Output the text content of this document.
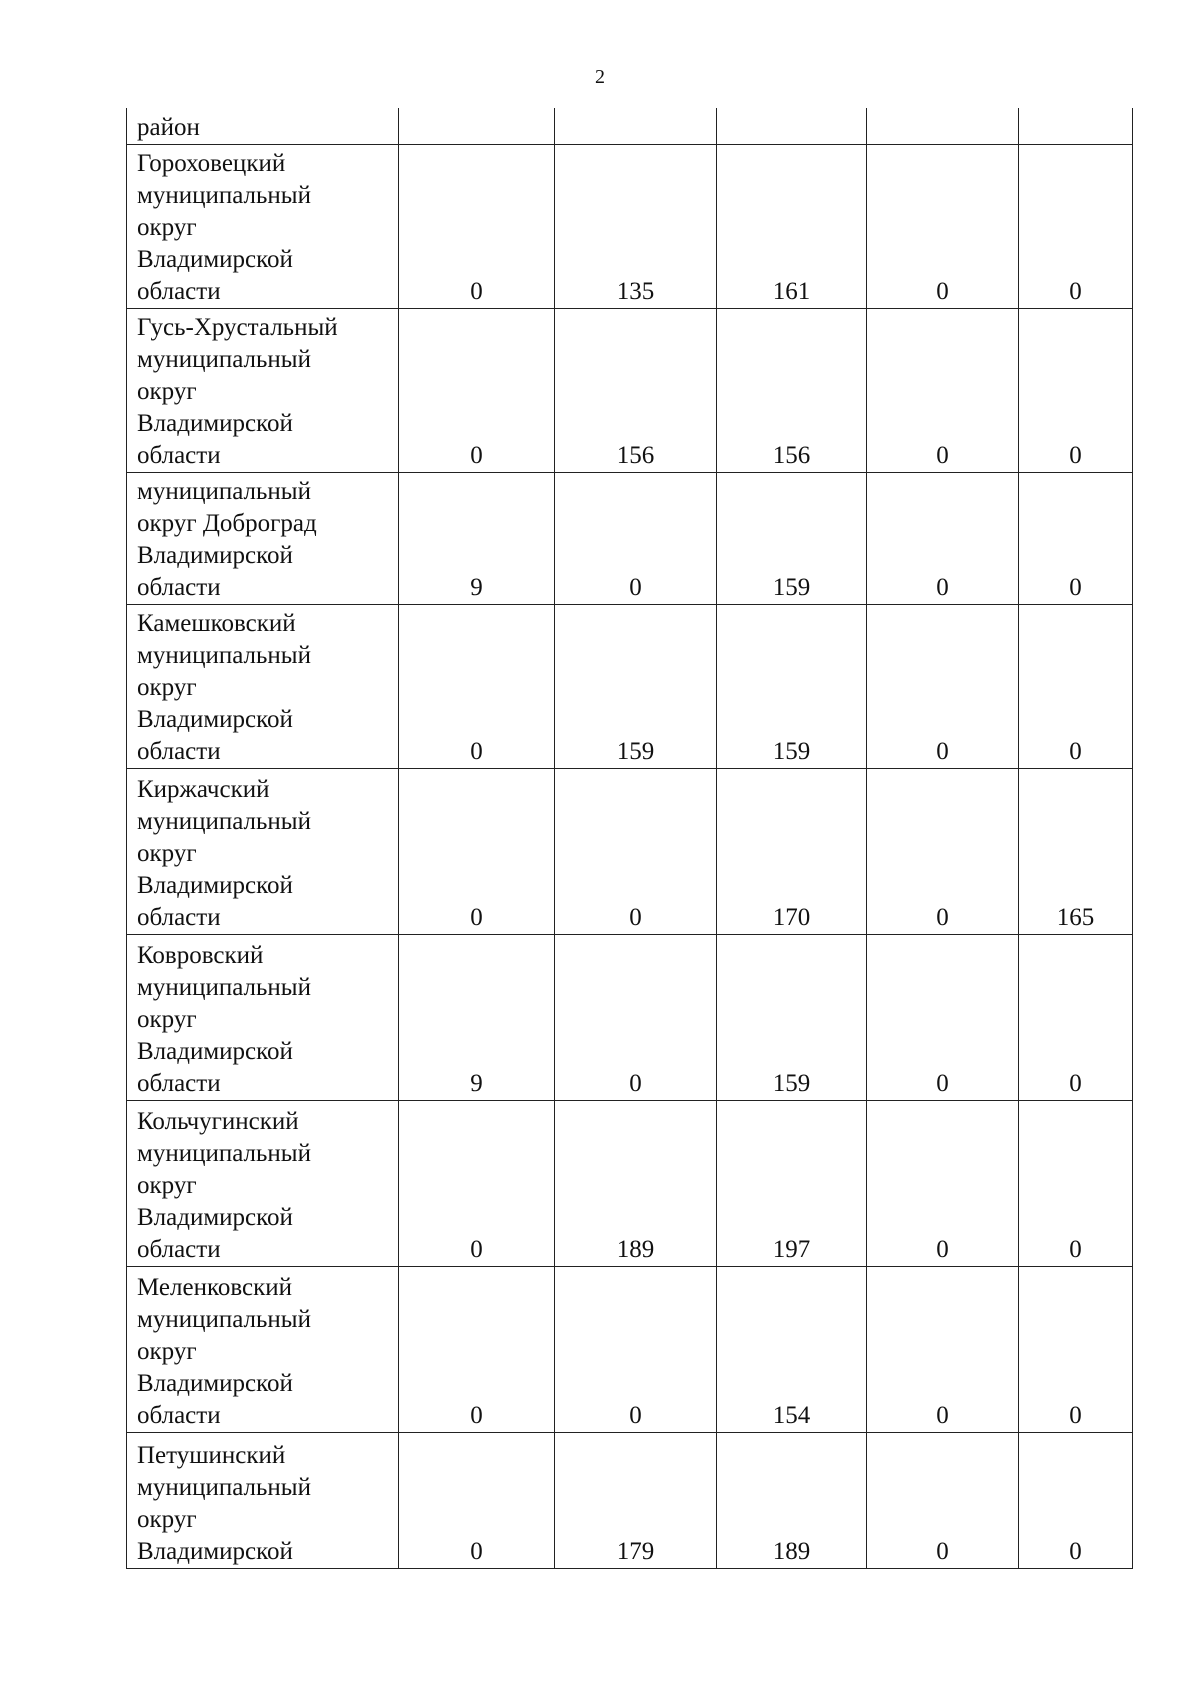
2
район					
Гороховецкий
муниципальный
округ
Владимирской
области	0	135	161	0	0
Гусь-Хрустальный
муниципальный
округ
Владимирской
области	0	156	156	0	0
муниципальный
округ Доброград
Владимирской
области	9	0	159	0	0
Камешковский
муниципальный
округ
Владимирской
области	0	159	159	0	0
Киржачский
муниципальный
округ
Владимирской
области	0	0	170	0	165
Ковровский
муниципальный
округ
Владимирской
области	9	0	159	0	0
Кольчугинский
муниципальный
округ
Владимирской
области	0	189	197	0	0
Меленковский
муниципальный
округ
Владимирской
области	0	0	154	0	0
Петушинский
муниципальный
округ
Владимирской	0	179	189	0	0
